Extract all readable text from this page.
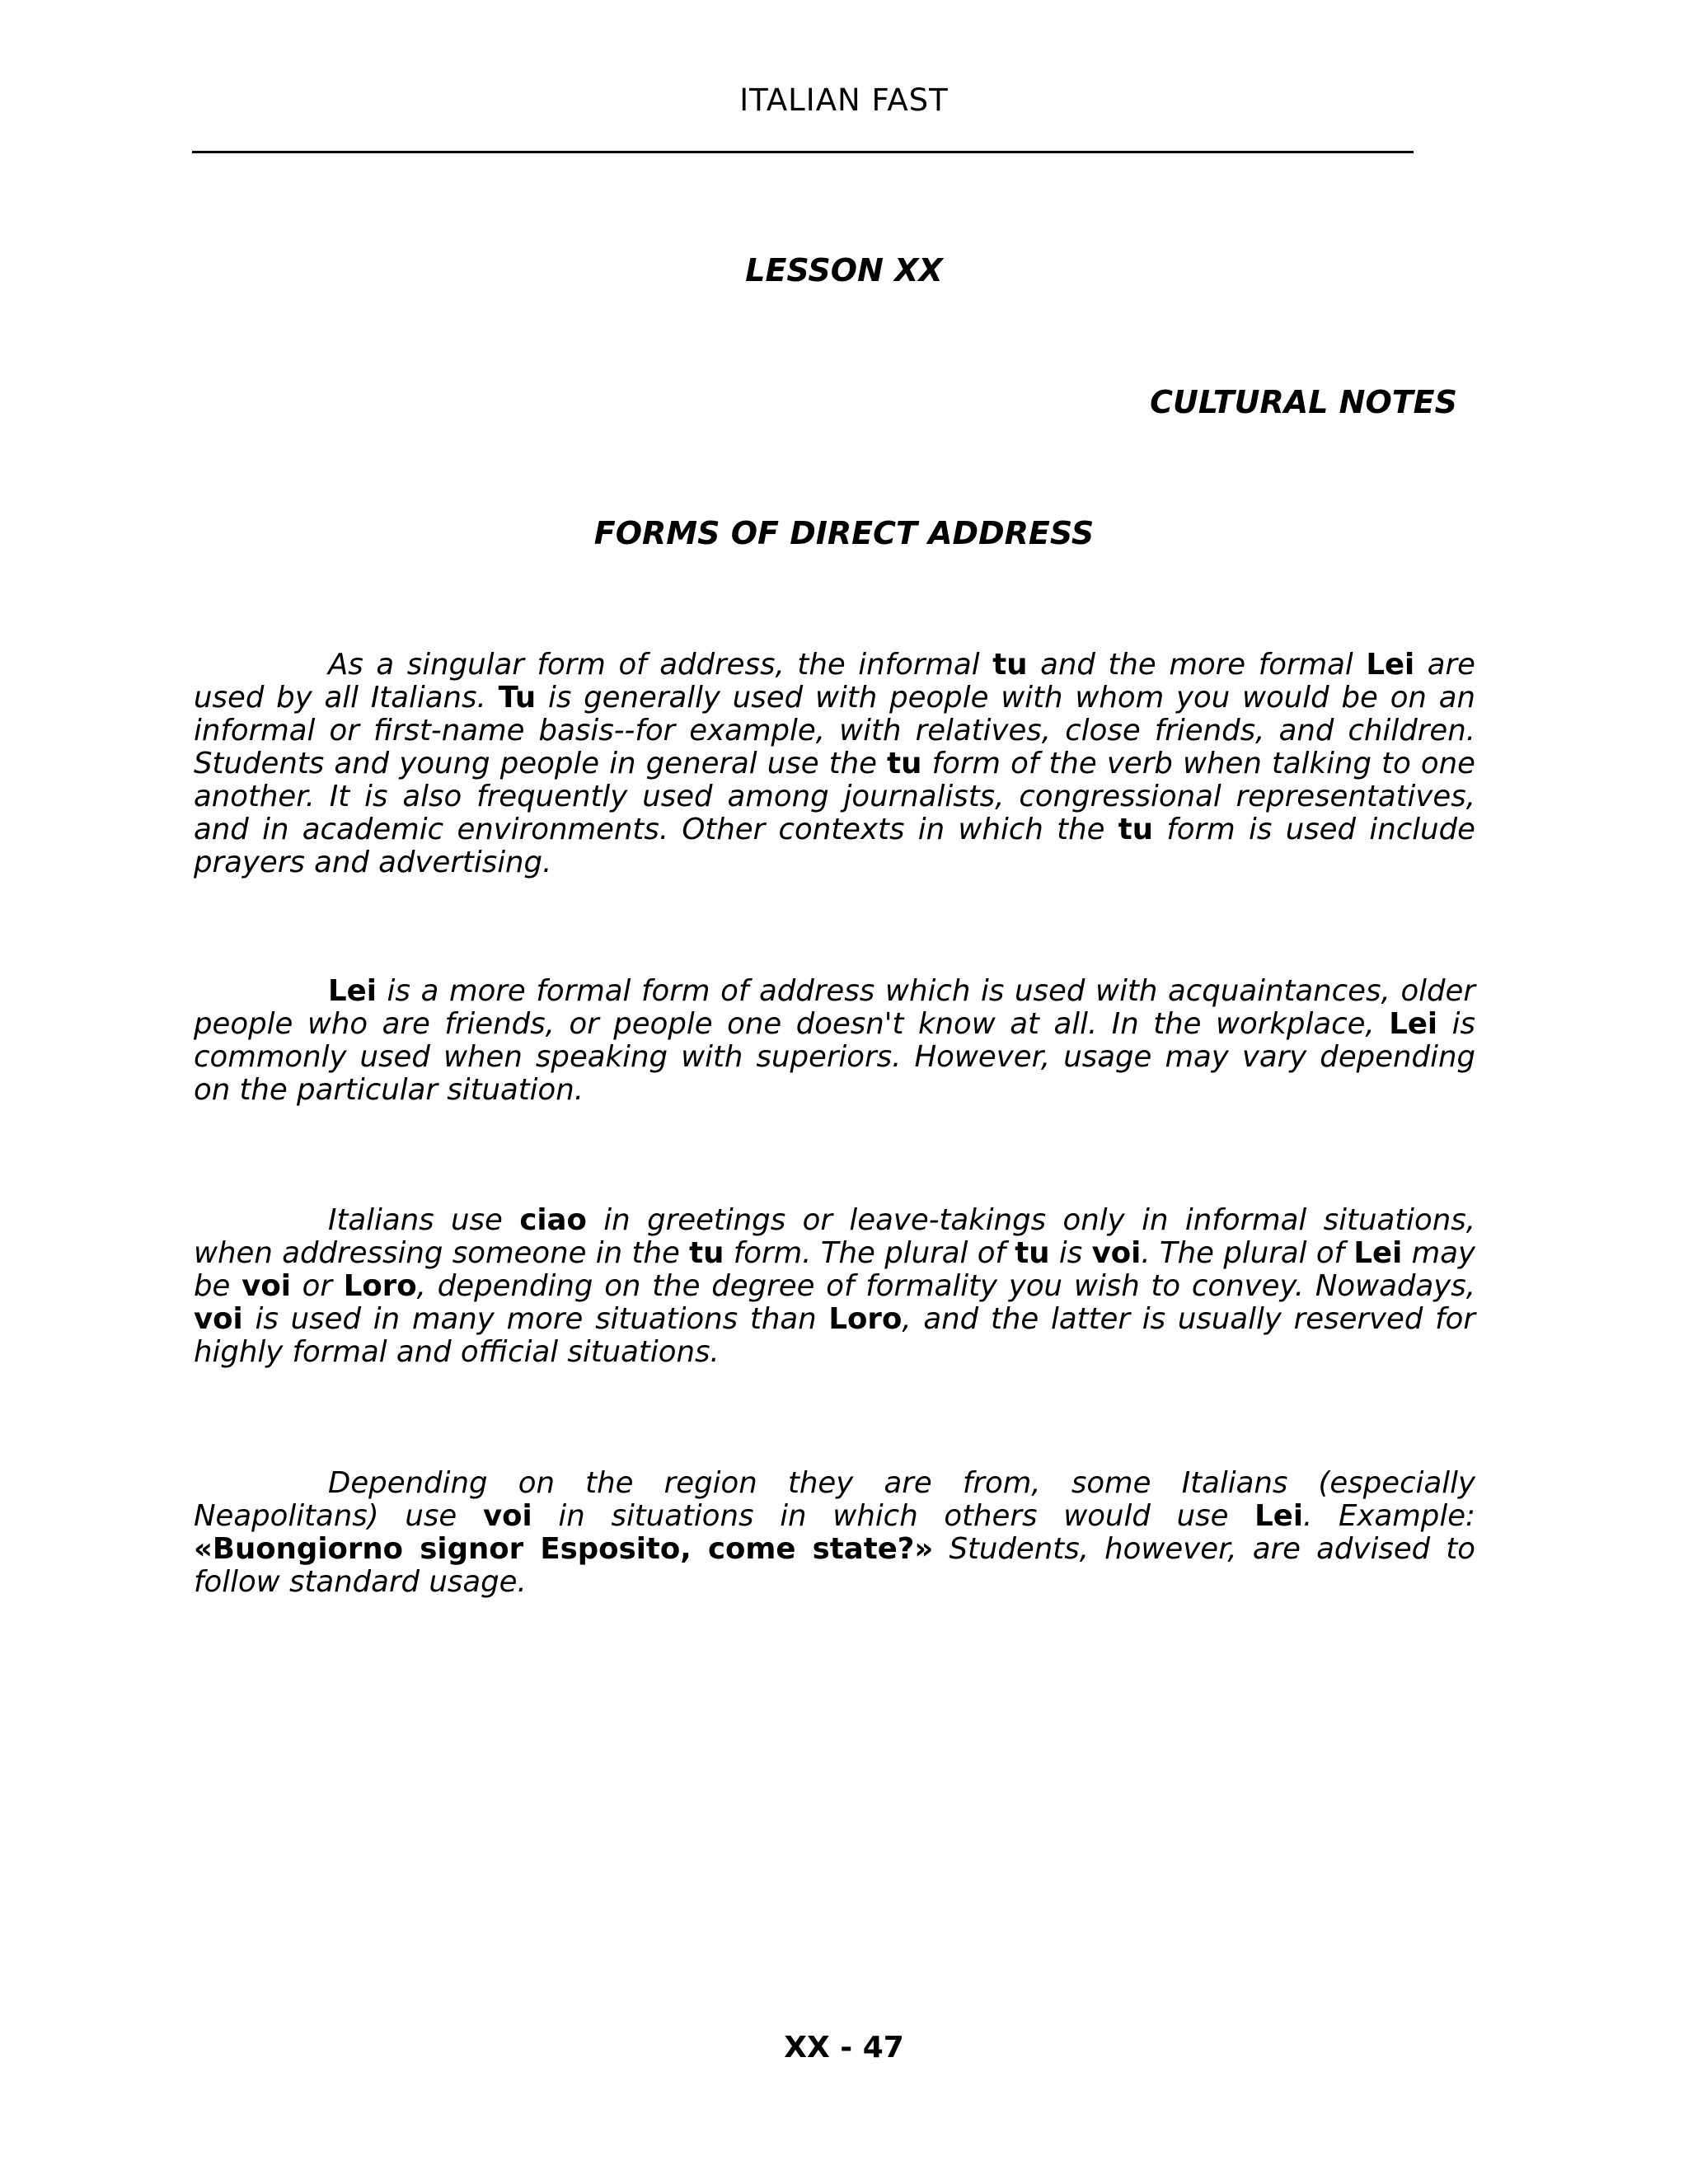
ITALIAN FAST
LESSON XX
CULTURAL NOTES
FORMS OF DIRECT ADDRESS

As a singular form of address, the informal tu and the more formal Lei are used by all Italians. Tu is generally used with people with whom you would be on an informal or first-name basis--for example, with relatives, close friends, and children. Students and young people in general use the tu form of the verb when talking to one another. It is also frequently used among journalists, congressional representatives, and in academic environments. Other contexts in which the tu form is used include prayers and advertising.

Lei is a more formal form of address which is used with acquaintances, older people who are friends, or people one doesn't know at all. In the workplace, Lei is commonly used when speaking with superiors. However, usage may vary depending on the particular situation.

Italians use ciao in greetings or leave-takings only in informal situations, when addressing someone in the tu form. The plural of tu is voi. The plural of Lei may be voi or Loro, depending on the degree of formality you wish to convey. Nowadays, voi is used in many more situations than Loro, and the latter is usually reserved for highly formal and official situations.

Depending on the region they are from, some Italians (especially Neapolitans) use voi in situations in which others would use Lei. Example: «Buongiorno signor Esposito, come state?» Students, however, are advised to follow standard usage.

XX - 47
